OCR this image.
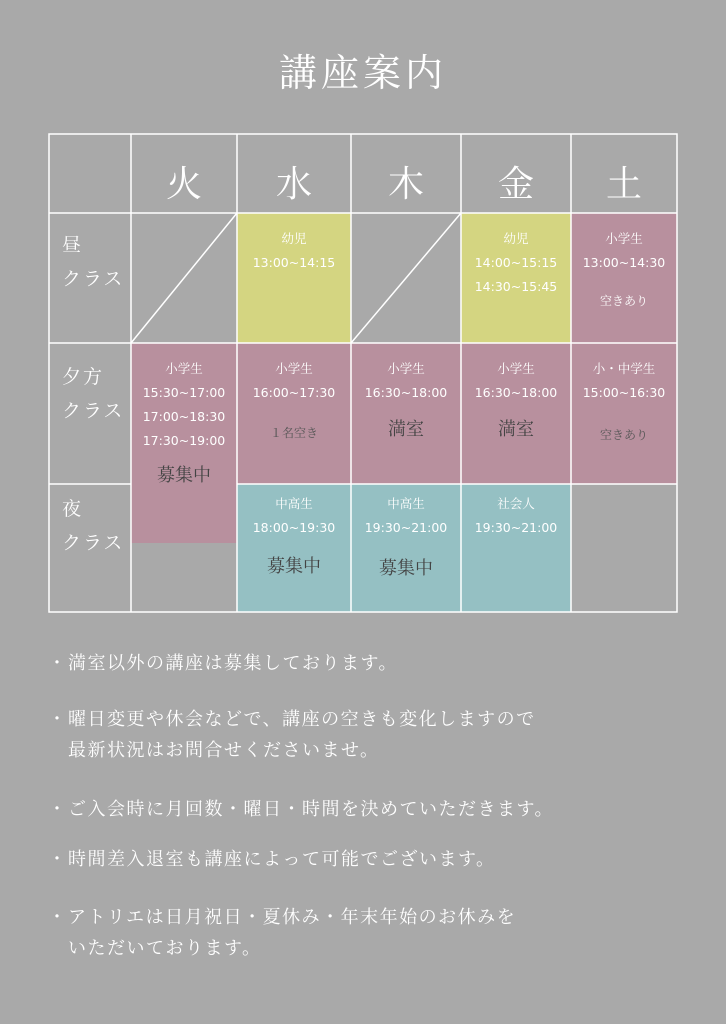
講座案内
幼児
13:00~14:15
幼児
14:00~15:15
14:30~15:45
小学生
13:00~14:30
空きあり
小学生
15:30~17:00
17:00~18:30
17:30~19:00
募集中
小学生
16:00~17:30
１名空き
小学生
16:30~18:00
満室
小学生
16:30~18:00
満室
小・中学生
15:00~16:30
空きあり
中高生
18:00~19:30
募集中
中高生
19:30~21:00
募集中
社会人
19:30~21:00
火 水 木 金 土
昼
クラス
夕方
クラス
夜
クラス
・満室以外の講座は募集しております。
・曜日変更や休会などで、講座の空きも変化しますので
最新状況はお問合せくださいませ。
・ご入会時に月回数・曜日・時間を決めていただきます。
・時間差入退室も講座によって可能でございます。
・アトリエは日月祝日・夏休み・年末年始のお休みを
いただいております。
